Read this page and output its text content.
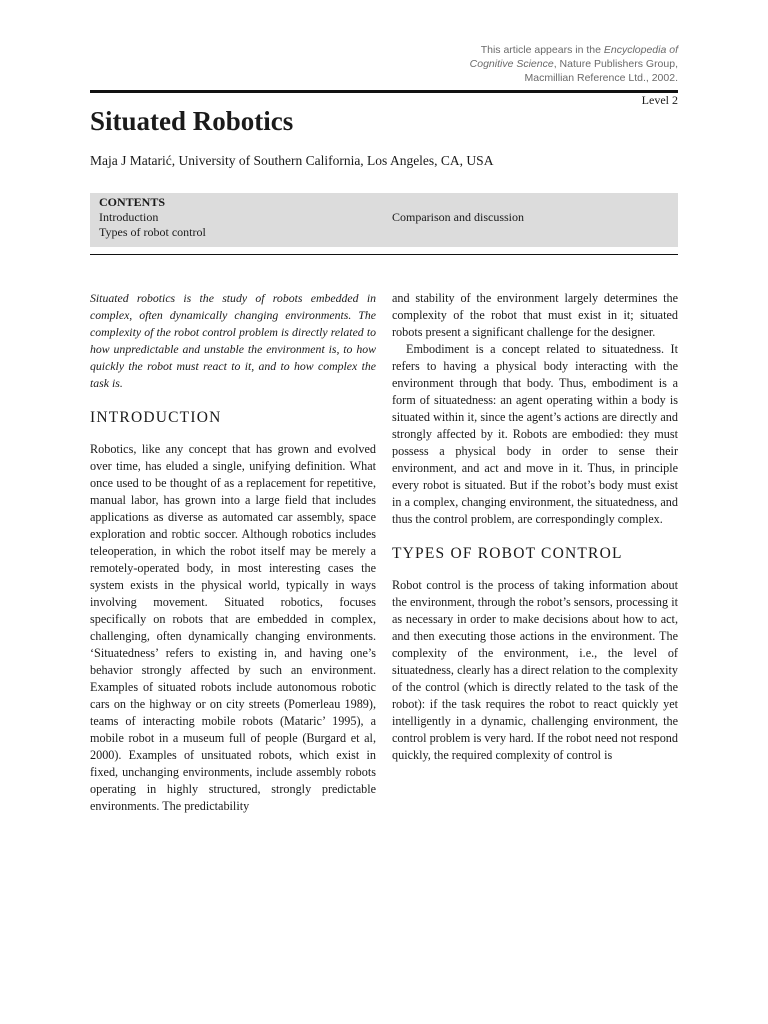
This article appears in the Encyclopedia of
Cognitive Science, Nature Publishers Group,
Macmillian Reference Ltd., 2002.
Level 2
Situated Robotics
Maja J Matarić, University of Southern California, Los Angeles, CA, USA
CONTENTS
Introduction
Types of robot control
Comparison and discussion

Situated robotics is the study of robots embedded in complex, often dynamically changing environments. The complexity of the robot control problem is directly related to how unpredictable and unstable the environment is, to how quickly the robot must react to it, and to how complex the task is.

INTRODUCTION

Robotics, like any concept that has grown and evolved over time, has eluded a single, unifying definition. What once used to be thought of as a replacement for repetitive, manual labor, has grown into a large field that includes applications as diverse as automated car assembly, space exploration and robtic soccer. Although robotics includes teleoperation, in which the robot itself may be merely a remotely-operated body, in most interesting cases the system exists in the physical world, typically in ways involving movement. Situated robotics, focuses specifically on robots that are embedded in complex, challenging, often dynamically changing environments. ‘Situatedness’ refers to existing in, and having one’s behavior strongly affected by such an environment. Examples of situated robots include autonomous robotic cars on the highway or on city streets (Pomerleau 1989), teams of interacting mobile robots (Mataric’ 1995), a mobile robot in a museum full of people (Burgard et al, 2000). Examples of unsituated robots, which exist in fixed, unchanging environments, include assembly robots operating in highly structured, strongly predictable environments. The predictability

and stability of the environment largely determines the complexity of the robot that must exist in it; situated robots present a significant challenge for the designer.

Embodiment is a concept related to situatedness. It refers to having a physical body interacting with the environment through that body. Thus, embodiment is a form of situatedness: an agent operating within a body is situated within it, since the agent’s actions are directly and strongly affected by it. Robots are embodied: they must possess a physical body in order to sense their environment, and act and move in it. Thus, in principle every robot is situated. But if the robot’s body must exist in a complex, changing environment, the situatedness, and thus the control problem, are correspondingly complex.

TYPES OF ROBOT CONTROL

Robot control is the process of taking information about the environment, through the robot’s sensors, processing it as necessary in order to make decisions about how to act, and then executing those actions in the environment. The complexity of the environment, i.e., the level of situatedness, clearly has a direct relation to the complexity of the control (which is directly related to the task of the robot): if the task requires the robot to react quickly yet intelligently in a dynamic, challenging environment, the control problem is very hard. If the robot need not respond quickly, the required complexity of control is
